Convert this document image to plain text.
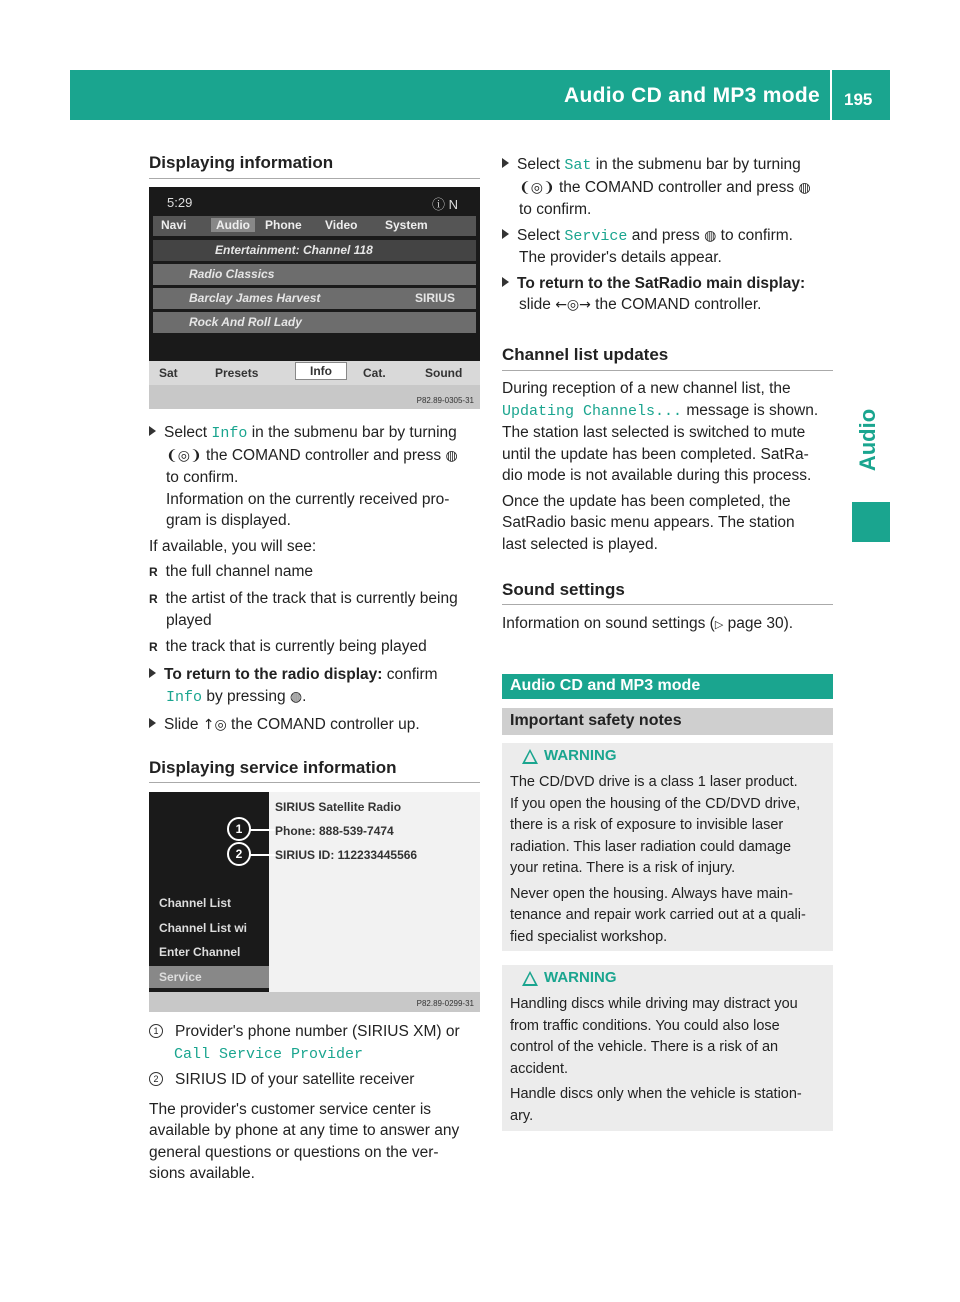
Audio CD and MP3 mode 195
Audio
Displaying information
5:29	ⓘ N
Navi	Audio	Phone Video System
Entertainment: Channel 118
Radio Classics
Barclay James Harvest	SIRIUS
Rock And Roll Lady
Sat	Presets	Info	Cat.	Sound
P82.89-0305-31
Select Info in the submenu bar by turning
❨◎❩ the COMAND controller and press ◍
to confirm.
Information on the currently received pro-
gram is displayed.
If available, you will see:
R the full channel name
R the artist of the track that is currently being
played
R the track that is currently being played
To return to the radio display: confirm
Info by pressing ◍.
Slide ↑◎ the COMAND controller up.
Displaying service information
Channel List
Channel List wi
Enter Channel
Service
SIRIUS Satellite Radio
Phone: 888-539-7474
SIRIUS ID: 112233445566
1
2
P82.89-0299-31
1 Provider's phone number (SIRIUS XM) or
Call Service Provider
2 SIRIUS ID of your satellite receiver
The provider's customer service center is
available by phone at any time to answer any
general questions or questions on the ver-
sions available.
Select Sat in the submenu bar by turning
❨◎❩ the COMAND controller and press ◍
to confirm.
Select Service and press ◍ to confirm.
The provider's details appear.
To return to the SatRadio main display:
slide ←◎→ the COMAND controller.
Channel list updates
During reception of a new channel list, the
Updating Channels... message is shown.
The station last selected is switched to mute
until the update has been completed. SatRa-
dio mode is not available during this process.
Once the update has been completed, the
SatRadio basic menu appears. The station
last selected is played.
Sound settings
Information on sound settings (▷ page 30).
Audio CD and MP3 mode
Important safety notes
WARNING
The CD/DVD drive is a class 1 laser product.
If you open the housing of the CD/DVD drive,
there is a risk of exposure to invisible laser
radiation. This laser radiation could damage
your retina. There is a risk of injury.
Never open the housing. Always have main-
tenance and repair work carried out at a quali-
fied specialist workshop.
WARNING
Handling discs while driving may distract you
from traffic conditions. You could also lose
control of the vehicle. There is a risk of an
accident.
Handle discs only when the vehicle is station-
ary.
